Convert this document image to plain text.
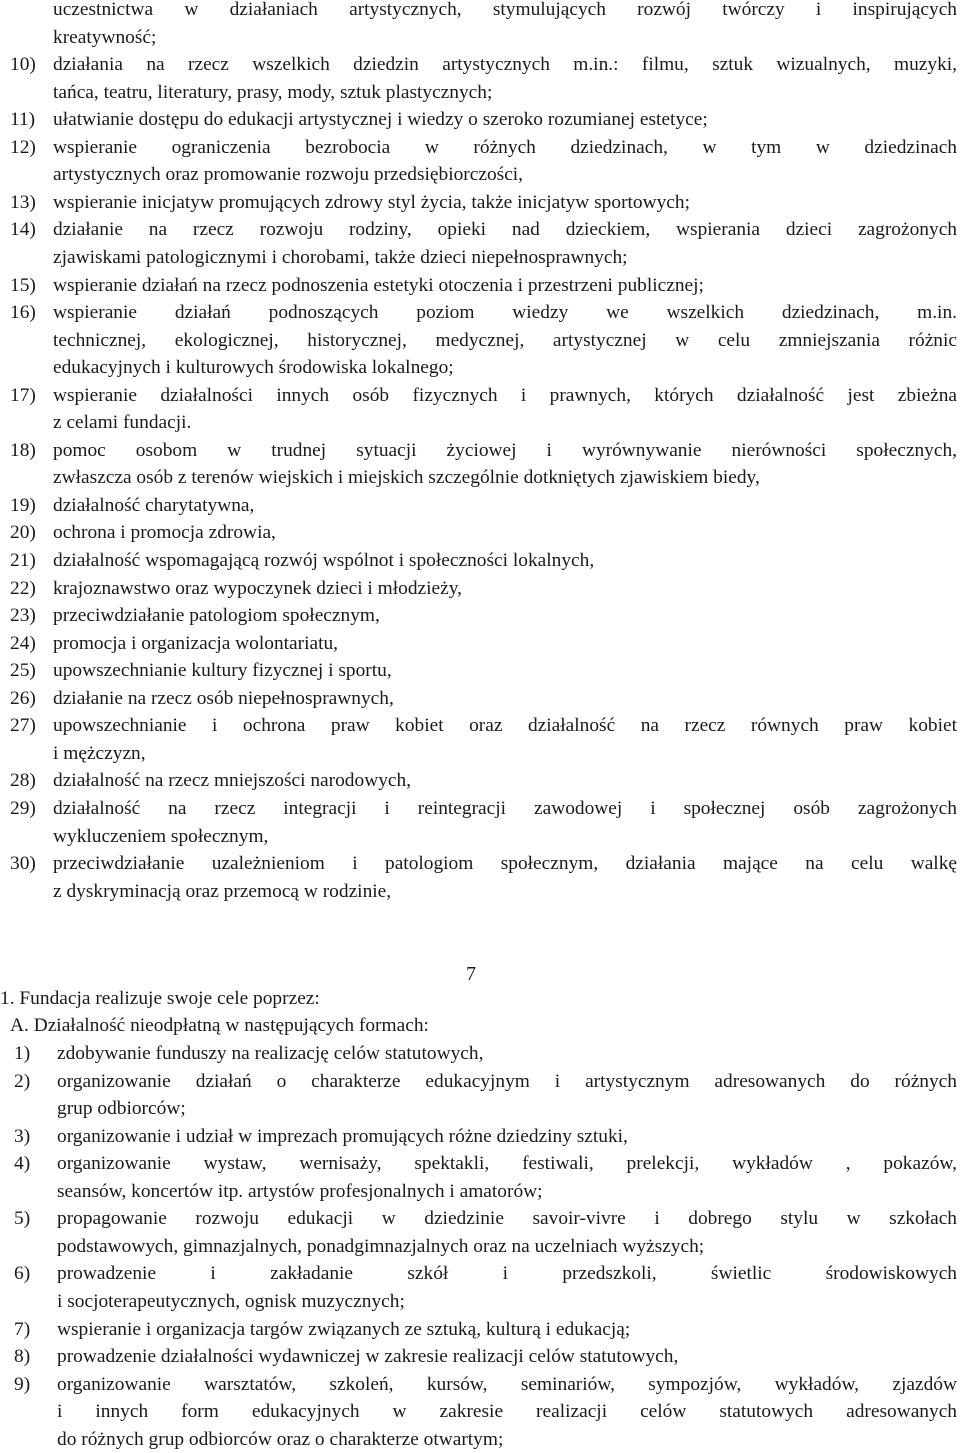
uczestnictwa w działaniach artystycznych, stymulujących rozwój twórczy i inspirujących
kreatywność;
10) działania na rzecz wszelkich dziedzin artystycznych m.in.: filmu, sztuk wizualnych, muzyki,
tańca, teatru, literatury, prasy, mody, sztuk plastycznych;
11) ułatwianie dostępu do edukacji artystycznej i wiedzy o szeroko rozumianej estetyce;
12) wspieranie ograniczenia bezrobocia w różnych dziedzinach, w tym w dziedzinach
artystycznych oraz promowanie rozwoju przedsiębiorczości,
13) wspieranie inicjatyw promujących zdrowy styl życia, także inicjatyw sportowych;
14) działanie na rzecz rozwoju rodziny, opieki nad dzieckiem, wspierania dzieci zagrożonych
zjawiskami patologicznymi i chorobami, także dzieci niepełnosprawnych;
15) wspieranie działań na rzecz podnoszenia estetyki otoczenia i przestrzeni publicznej;
16) wspieranie działań podnoszących poziom wiedzy we wszelkich dziedzinach, m.in.
technicznej, ekologicznej, historycznej, medycznej, artystycznej w celu zmniejszania różnic
edukacyjnych i kulturowych środowiska lokalnego;
17) wspieranie działalności innych osób fizycznych i prawnych, których działalność jest zbieżna
z celami fundacji.
18) pomoc osobom w trudnej sytuacji życiowej i wyrównywanie nierówności społecznych,
zwłaszcza osób z terenów wiejskich i miejskich szczególnie dotkniętych zjawiskiem biedy,
19) działalność charytatywna,
20) ochrona i promocja zdrowia,
21) działalność wspomagającą rozwój wspólnot i społeczności lokalnych,
22) krajoznawstwo oraz wypoczynek dzieci i młodzieży,
23) przeciwdziałanie patologiom społecznym,
24) promocja i organizacja wolontariatu,
25) upowszechnianie kultury fizycznej i sportu,
26) działanie na rzecz osób niepełnosprawnych,
27) upowszechnianie i ochrona praw kobiet oraz działalność na rzecz równych praw kobiet
i mężczyzn,
28) działalność na rzecz mniejszości narodowych,
29) działalność na rzecz integracji i reintegracji zawodowej i społecznej osób zagrożonych
wykluczeniem społecznym,
30) przeciwdziałanie uzależnieniom i patologiom społecznym, działania mające na celu walkę
z dyskryminacją oraz przemocą w rodzinie,
7
1. Fundacja realizuje swoje cele poprzez:
A. Działalność nieodpłatną w następujących formach:
1) zdobywanie funduszy na realizację celów statutowych,
2) organizowanie działań o charakterze edukacyjnym i artystycznym adresowanych do różnych
grup odbiorców;
3) organizowanie i udział w imprezach promujących różne dziedziny sztuki,
4) organizowanie wystaw, wernisaży, spektakli, festiwali, prelekcji, wykładów , pokazów,
seansów, koncertów itp. artystów profesjonalnych i amatorów;
5) propagowanie rozwoju edukacji w dziedzinie savoir-vivre i dobrego stylu w szkołach
podstawowych, gimnazjalnych, ponadgimnazjalnych oraz na uczelniach wyższych;
6) prowadzenie i zakładanie szkół i przedszkoli, świetlic środowiskowych
i socjoterapeutycznych, ognisk muzycznych;
7) wspieranie i organizacja targów związanych ze sztuką, kulturą i edukacją;
8) prowadzenie działalności wydawniczej w zakresie realizacji celów statutowych,
9) organizowanie warsztatów, szkoleń, kursów, seminariów, sympozjów, wykładów, zjazdów
i innych form edukacyjnych w zakresie realizacji celów statutowych adresowanych
do różnych grup odbiorców oraz o charakterze otwartym;
